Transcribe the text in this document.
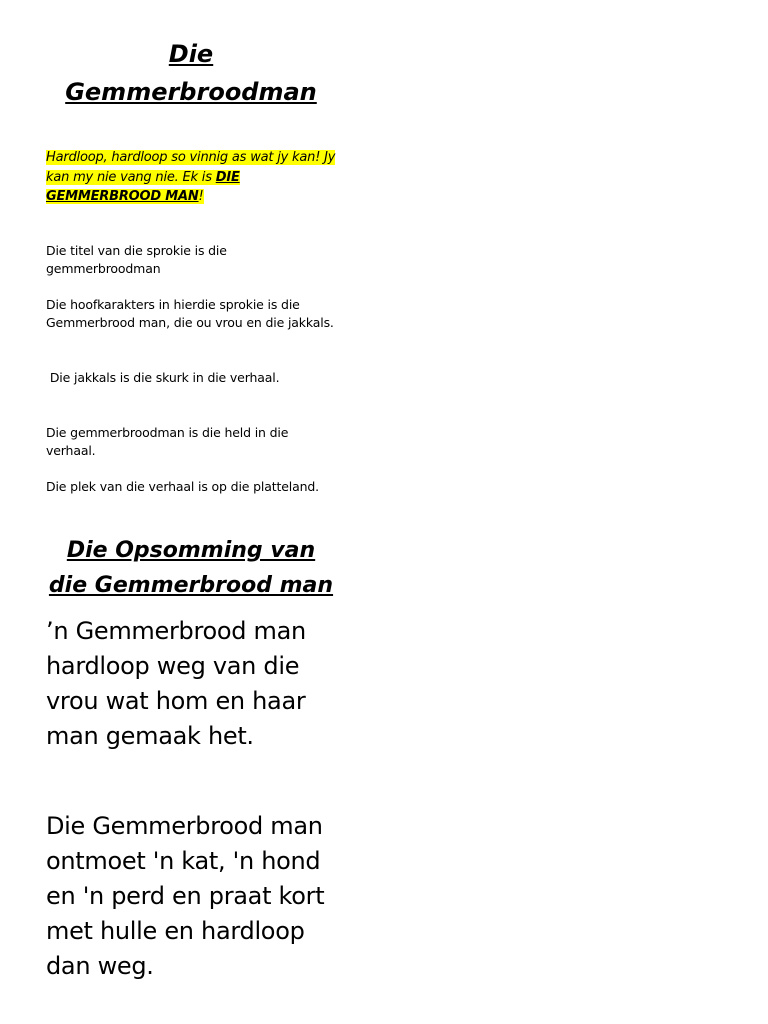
Die Gemmerbroodman
Hardloop, hardloop so vinnig as wat jy kan! Jy kan my nie vang nie. Ek is DIE GEMMERBROOD MAN!
Die titel van die sprokie is die gemmerbroodman
Die hoofkarakters in hierdie sprokie is die Gemmerbrood man, die ou vrou en die jakkals.
Die jakkals is die skurk in die verhaal.
Die gemmerbroodman is die held in die verhaal.
Die plek van die verhaal is op die platteland.
Die Opsomming van die Gemmerbrood man
’n Gemmerbrood man hardloop weg van die vrou wat hom en haar man gemaak het.
Die Gemmerbrood man ontmoet 'n kat, 'n hond en 'n perd en praat kort met hulle en hardloop dan weg.
